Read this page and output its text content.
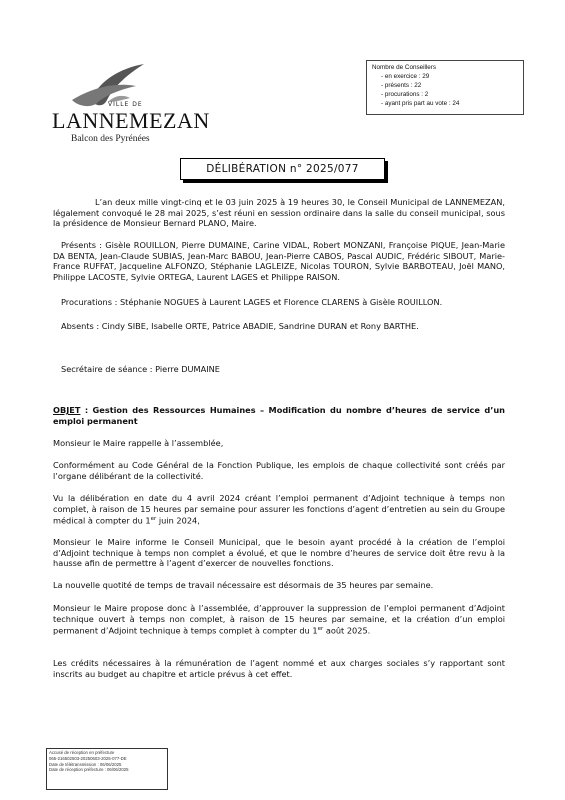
VILLE DE
LANNEMEZAN
Balcon des Pyrénées
Nombre de Conseillers
- en exercice : 29
- présents : 22
- procurations : 2
- ayant pris part au vote : 24
DÉLIBÉRATION n° 2025/077
L’an deux mille vingt-cinq et le 03 juin 2025 à 19 heures 30, le Conseil Municipal de LANNEMEZAN, légalement convoqué le 28 mai 2025, s’est réuni en session ordinaire dans la salle du conseil municipal, sous la présidence de Monsieur Bernard PLANO, Maire.
Présents : Gisèle ROUILLON, Pierre DUMAINE, Carine VIDAL, Robert MONZANI, Françoise PIQUE, Jean-Marie DA BENTA, Jean-Claude SUBIAS, Jean-Marc BABOU, Jean-Pierre CABOS, Pascal AUDIC, Frédéric SIBOUT, Marie-France RUFFAT, Jacqueline ALFONZO, Stéphanie LAGLEIZE, Nicolas TOURON, Sylvie BARBOTEAU, Joël MANO, Philippe LACOSTE, Sylvie ORTEGA, Laurent LAGES et Philippe RAISON.
Procurations : Stéphanie NOGUES à Laurent LAGES et Florence CLARENS à Gisèle ROUILLON.
Absents : Cindy SIBE, Isabelle ORTE, Patrice ABADIE, Sandrine DURAN et Rony BARTHE.
Secrétaire de séance : Pierre DUMAINE
OBJET : Gestion des Ressources Humaines – Modification du nombre d’heures de service d’un emploi permanent
Monsieur le Maire rappelle à l’assemblée,
Conformément au Code Général de la Fonction Publique, les emplois de chaque collectivité sont créés par l’organe délibérant de la collectivité.
Vu la délibération en date du 4 avril 2024 créant l’emploi permanent d’Adjoint technique à temps non complet, à raison de 15 heures par semaine pour assurer les fonctions d’agent d’entretien au sein du Groupe médical à compter du 1er juin 2024,
Monsieur le Maire informe le Conseil Municipal, que le besoin ayant procédé à la création de l’emploi d’Adjoint technique à temps non complet a évolué, et que le nombre d’heures de service doit être revu à la hausse afin de permettre à l’agent d’exercer de nouvelles fonctions.
La nouvelle quotité de temps de travail nécessaire est désormais de 35 heures par semaine.
Monsieur le Maire propose donc à l’assemblée, d’approuver la suppression de l’emploi permanent d’Adjoint technique ouvert à temps non complet, à raison de 15 heures par semaine, et la création d’un emploi permanent d’Adjoint technique à temps complet à compter du 1er août 2025.
Les crédits nécessaires à la rémunération de l’agent nommé et aux charges sociales s’y rapportant sont inscrits au budget au chapitre et article prévus à cet effet.
Accusé de réception en préfecture
065-216502503-20250603-2025-077-DE
Date de télétransmission : 06/06/2025
Date de réception préfecture : 06/06/2025
